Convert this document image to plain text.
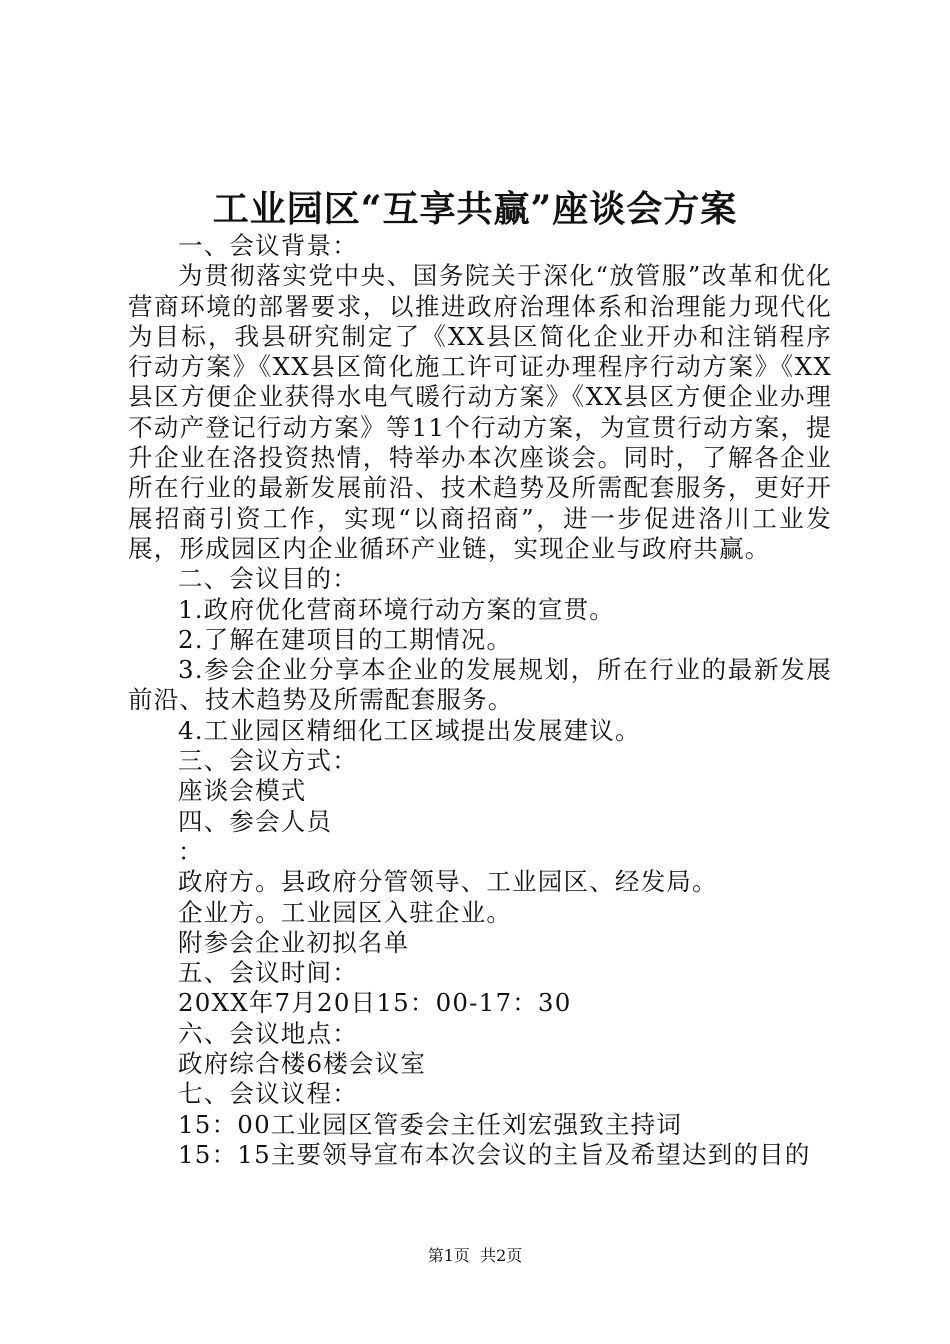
工业园区“互享共赢”座谈会方案

一、会议背景：

为贯彻落实党中央、国务院关于深化“放管服”改革和优化营商环境的部署要求，以推进政府治理体系和治理能力现代化为目标，我县研究制定了《XX县区简化企业开办和注销程序行动方案》《XX县区简化施工许可证办理程序行动方案》《XX县区方便企业获得水电气暖行动方案》《XX县区方便企业办理不动产登记行动方案》等11个行动方案，为宣贯行动方案，提升企业在洛投资热情，特举办本次座谈会。同时，了解各企业所在行业的最新发展前沿、技术趋势及所需配套服务，更好开展招商引资工作，实现“以商招商”，进一步促进洛川工业发展，形成园区内企业循环产业链，实现企业与政府共赢。

二、会议目的：

1.政府优化营商环境行动方案的宣贯。

2.了解在建项目的工期情况。

3.参会企业分享本企业的发展规划，所在行业的最新发展前沿、技术趋势及所需配套服务。

4.工业园区精细化工区域提出发展建议。

三、会议方式：

座谈会模式

四、参会人员

：

政府方。县政府分管领导、工业园区、经发局。

企业方。工业园区入驻企业。

附参会企业初拟名单

五、会议时间：

20XX年7月20日15：00-17：30

六、会议地点：

政府综合楼6楼会议室

七、会议议程：

15：00工业园区管委会主任刘宏强致主持词

15：15主要领导宣布本次会议的主旨及希望达到的目的

第1页  共2页
